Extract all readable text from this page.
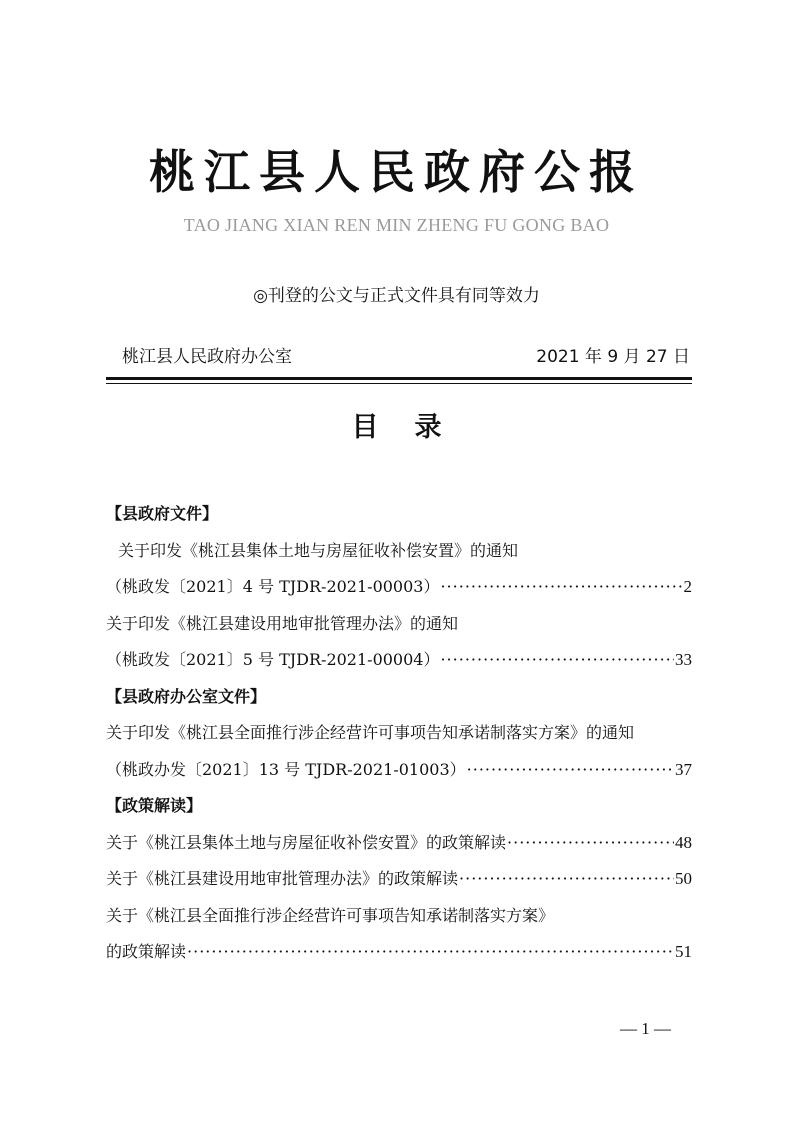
桃江县人民政府公报
TAO JIANG XIAN REN MIN ZHENG FU GONG BAO
◎刊登的公文与正式文件具有同等效力
桃江县人民政府办公室	2021 年 9 月 27 日
目 录
【县政府文件】
关于印发《桃江县集体土地与房屋征收补偿安置》的通知
（桃政发〔2021〕4 号 TJDR-2021-00003） ·····	2
关于印发《桃江县建设用地审批管理办法》的通知
（桃政发〔2021〕5 号 TJDR-2021-00004） ·····	33
【县政府办公室文件】
关于印发《桃江县全面推行涉企经营许可事项告知承诺制落实方案》的通知
（桃政办发〔2021〕13 号 TJDR-2021-01003） ·····	37
【政策解读】
关于《桃江县集体土地与房屋征收补偿安置》的政策解读 ·····	48
关于《桃江县建设用地审批管理办法》的政策解读 ·····	50
关于《桃江县全面推行涉企经营许可事项告知承诺制落实方案》
的政策解读 ·····	51
— 1 —
